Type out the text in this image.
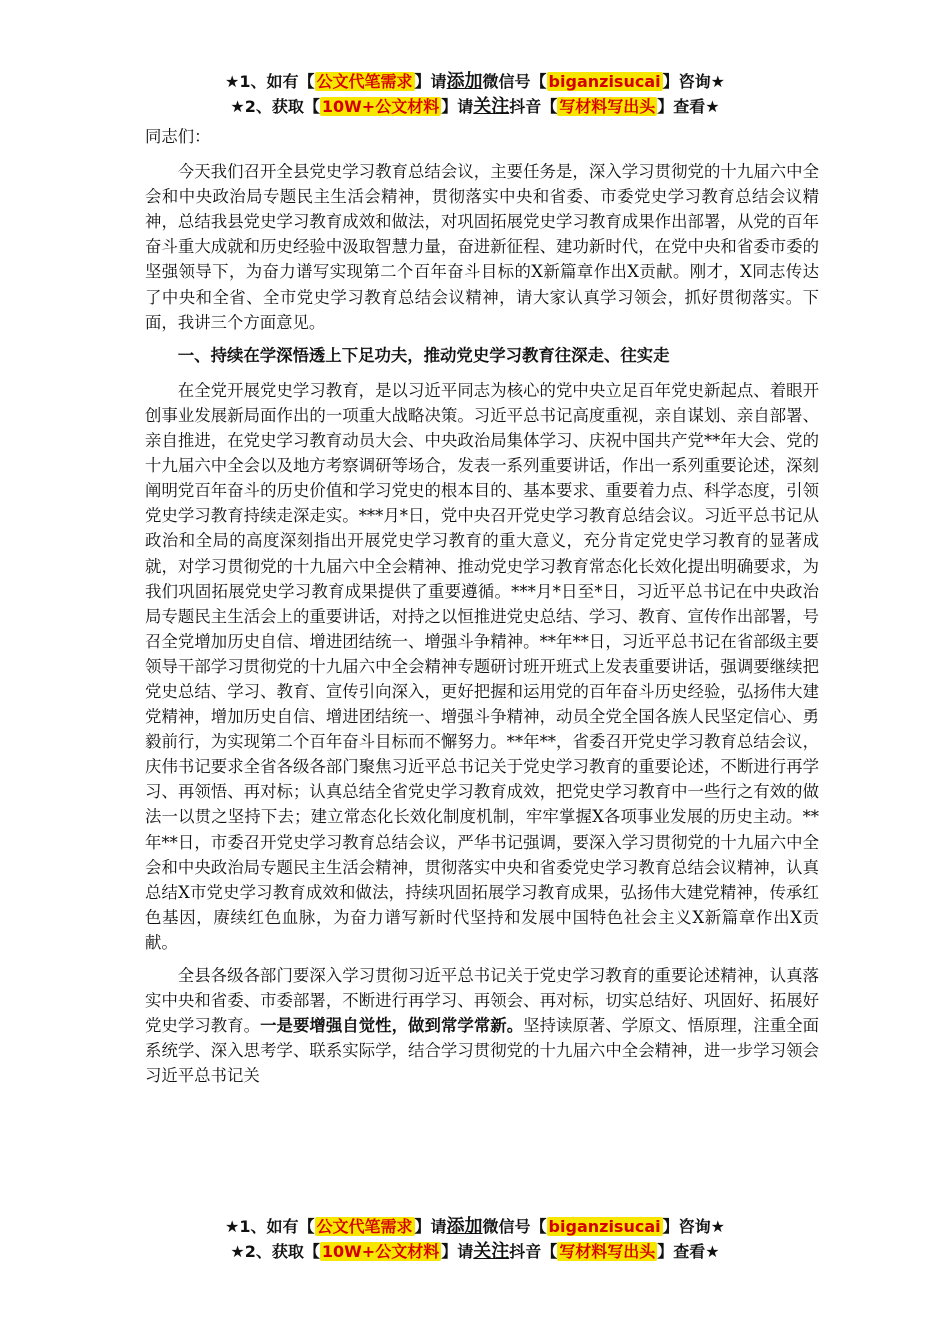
★1、如有【 公文代笔需求 】请添加微信号【 biganzisucai 】咨询★
★2、获取【 10W+公文材料 】请关注抖音【 写材料写出头 】查看★
同志们：
今天我们召开全县党史学习教育总结会议，主要任务是，深入学习贯彻党的十九届六中全会和中央政治局专题民主生活会精神，贯彻落实中央和省委、市委党史学习教育总结会议精神，总结我县党史学习教育成效和做法，对巩固拓展党史学习教育成果作出部署，从党的百年奋斗重大成就和历史经验中汲取智慧力量，奋进新征程、建功新时代，在党中央和省委市委的坚强领导下，为奋力谱写实现第二个百年奋斗目标的X新篇章作出X贡献。刚才，X同志传达了中央和全省、全市党史学习教育总结会议精神，请大家认真学习领会，抓好贯彻落实。下面，我讲三个方面意见。
一、持续在学深悟透上下足功夫，推动党史学习教育往深走、往实走
在全党开展党史学习教育，是以习近平同志为核心的党中央立足百年党史新起点、着眼开创事业发展新局面作出的一项重大战略决策。习近平总书记高度重视，亲自谋划、亲自部署、亲自推进，在党史学习教育动员大会、中央政治局集体学习、庆祝中国共产党**年大会、党的十九届六中全会以及地方考察调研等场合，发表一系列重要讲话，作出一系列重要论述，深刻阐明党百年奋斗的历史价值和学习党史的根本目的、基本要求、重要着力点、科学态度，引领党史学习教育持续走深走实。***月*日，党中央召开党史学习教育总结会议。习近平总书记从政治和全局的高度深刻指出开展党史学习教育的重大意义，充分肯定党史学习教育的显著成就，对学习贯彻党的十九届六中全会精神、推动党史学习教育常态化长效化提出明确要求，为我们巩固拓展党史学习教育成果提供了重要遵循。***月*日至*日，习近平总书记在中央政治局专题民主生活会上的重要讲话，对持之以恒推进党史总结、学习、教育、宣传作出部署，号召全党增加历史自信、增进团结统一、增强斗争精神。**年**日，习近平总书记在省部级主要领导干部学习贯彻党的十九届六中全会精神专题研讨班开班式上发表重要讲话，强调要继续把党史总结、学习、教育、宣传引向深入，更好把握和运用党的百年奋斗历史经验，弘扬伟大建党精神，增加历史自信、增进团结统一、增强斗争精神，动员全党全国各族人民坚定信心、勇毅前行，为实现第二个百年奋斗目标而不懈努力。**年**，省委召开党史学习教育总结会议，庆伟书记要求全省各级各部门聚焦习近平总书记关于党史学习教育的重要论述，不断进行再学习、再领悟、再对标；认真总结全省党史学习教育成效，把党史学习教育中一些行之有效的做法一以贯之坚持下去；建立常态化长效化制度机制，牢牢掌握X各项事业发展的历史主动。**年**日，市委召开党史学习教育总结会议，严华书记强调，要深入学习贯彻党的十九届六中全会和中央政治局专题民主生活会精神，贯彻落实中央和省委党史学习教育总结会议精神，认真总结X市党史学习教育成效和做法，持续巩固拓展学习教育成果，弘扬伟大建党精神，传承红色基因，赓续红色血脉，为奋力谱写新时代坚持和发展中国特色社会主义X新篇章作出X贡献。
全县各级各部门要深入学习贯彻习近平总书记关于党史学习教育的重要论述精神，认真落实中央和省委、市委部署，不断进行再学习、再领会、再对标，切实总结好、巩固好、拓展好党史学习教育。一是要增强自觉性，做到常学常新。坚持读原著、学原文、悟原理，注重全面系统学、深入思考学、联系实际学，结合学习贯彻党的十九届六中全会精神，进一步学习领会习近平总书记关
★1、如有【 公文代笔需求 】请添加微信号【 biganzisucai 】咨询★
★2、获取【 10W+公文材料 】请关注抖音【 写材料写出头 】查看★
